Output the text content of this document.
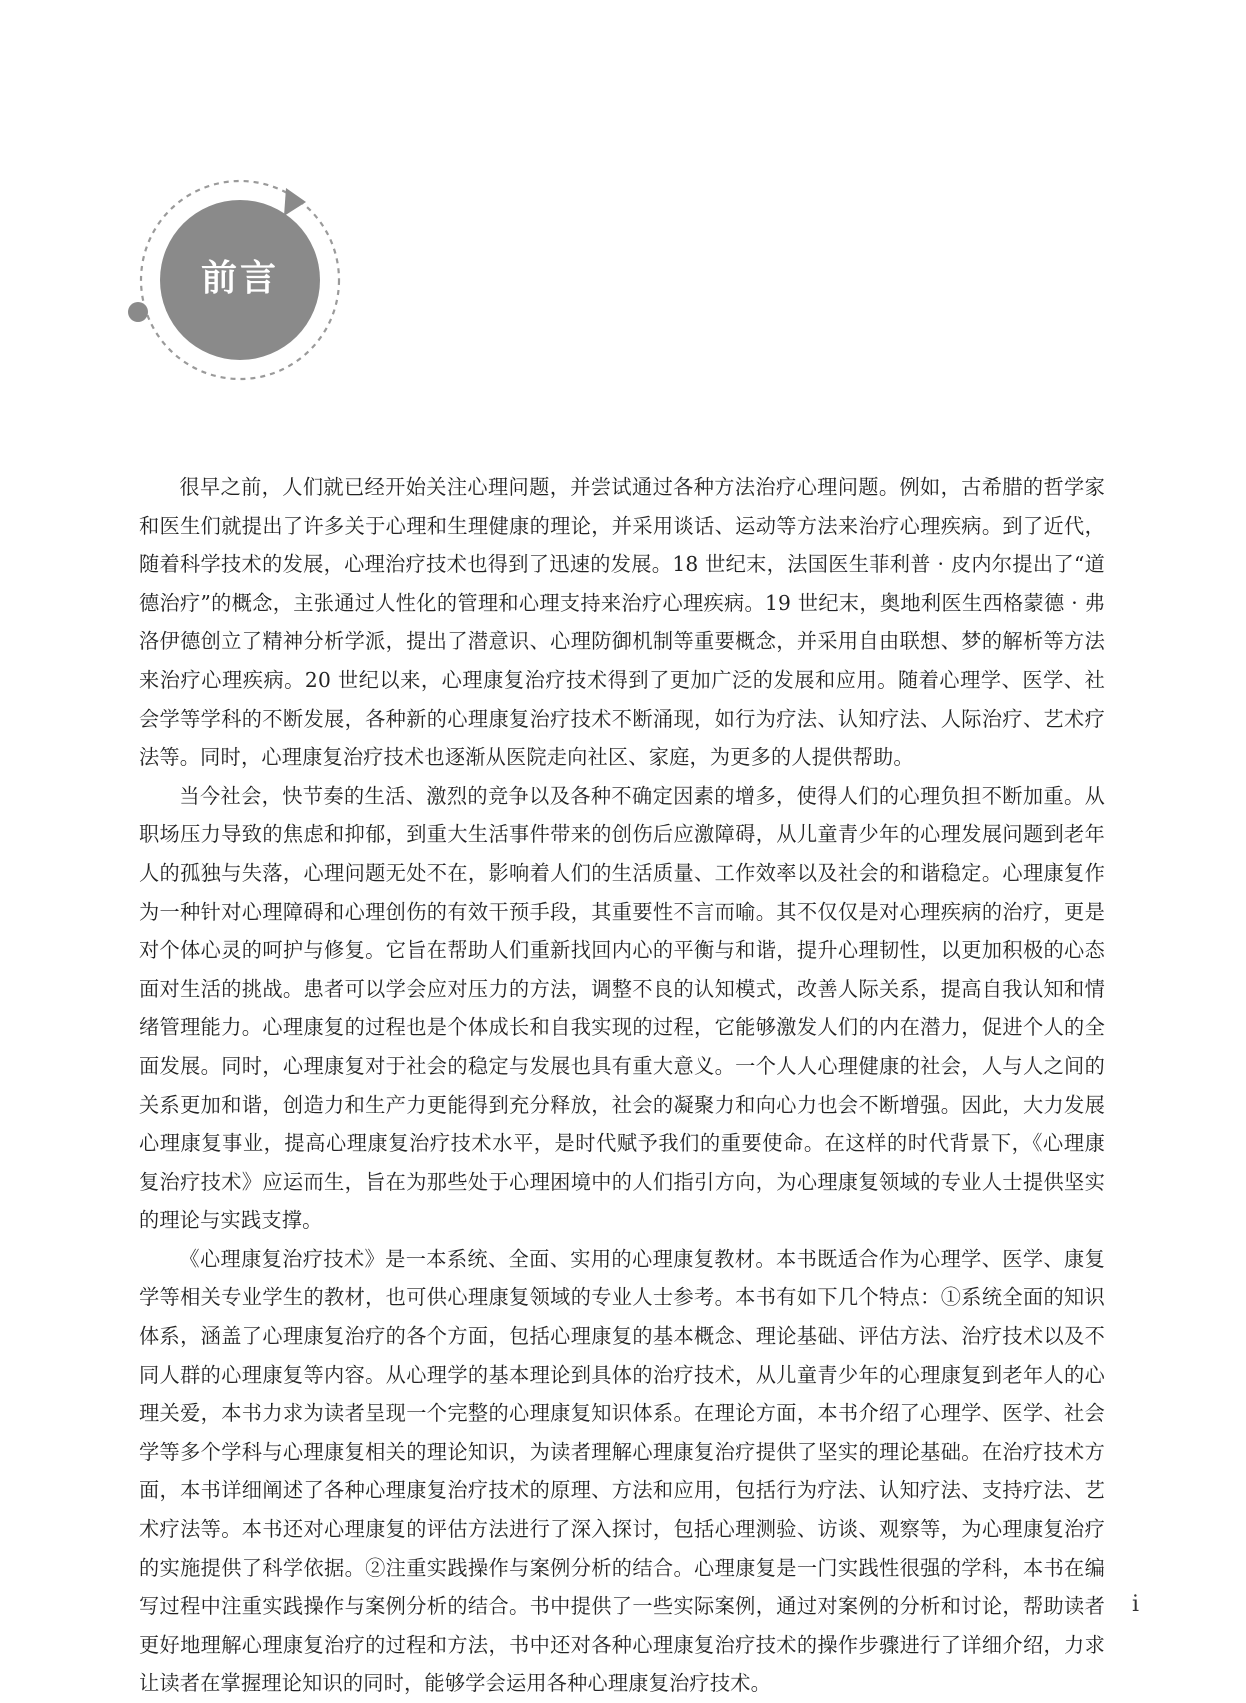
前言

很早之前，人们就已经开始关注心理问题，并尝试通过各种方法治疗心理问题。例如，古希腊的哲学家和医生们就提出了许多关于心理和生理健康的理论，并采用谈话、运动等方法来治疗心理疾病。到了近代，随着科学技术的发展，心理治疗技术也得到了迅速的发展。18 世纪末，法国医生菲利普 · 皮内尔提出了“道德治疗”的概念，主张通过人性化的管理和心理支持来治疗心理疾病。19 世纪末，奥地利医生西格蒙德 · 弗洛伊德创立了精神分析学派，提出了潜意识、心理防御机制等重要概念，并采用自由联想、梦的解析等方法来治疗心理疾病。20 世纪以来，心理康复治疗技术得到了更加广泛的发展和应用。随着心理学、医学、社会学等学科的不断发展，各种新的心理康复治疗技术不断涌现，如行为疗法、认知疗法、人际治疗、艺术疗法等。同时，心理康复治疗技术也逐渐从医院走向社区、家庭，为更多的人提供帮助。

当今社会，快节奏的生活、激烈的竞争以及各种不确定因素的增多，使得人们的心理负担不断加重。从职场压力导致的焦虑和抑郁，到重大生活事件带来的创伤后应激障碍，从儿童青少年的心理发展问题到老年人的孤独与失落，心理问题无处不在，影响着人们的生活质量、工作效率以及社会的和谐稳定。心理康复作为一种针对心理障碍和心理创伤的有效干预手段，其重要性不言而喻。其不仅仅是对心理疾病的治疗，更是对个体心灵的呵护与修复。它旨在帮助人们重新找回内心的平衡与和谐，提升心理韧性，以更加积极的心态面对生活的挑战。患者可以学会应对压力的方法，调整不良的认知模式，改善人际关系，提高自我认知和情绪管理能力。心理康复的过程也是个体成长和自我实现的过程，它能够激发人们的内在潜力，促进个人的全面发展。同时，心理康复对于社会的稳定与发展也具有重大意义。一个人人心理健康的社会，人与人之间的关系更加和谐，创造力和生产力更能得到充分释放，社会的凝聚力和向心力也会不断增强。因此，大力发展心理康复事业，提高心理康复治疗技术水平，是时代赋予我们的重要使命。在这样的时代背景下，《心理康复治疗技术》应运而生，旨在为那些处于心理困境中的人们指引方向，为心理康复领域的专业人士提供坚实的理论与实践支撑。

《心理康复治疗技术》是一本系统、全面、实用的心理康复教材。本书既适合作为心理学、医学、康复学等相关专业学生的教材，也可供心理康复领域的专业人士参考。本书有如下几个特点：①系统全面的知识体系，涵盖了心理康复治疗的各个方面，包括心理康复的基本概念、理论基础、评估方法、治疗技术以及不同人群的心理康复等内容。从心理学的基本理论到具体的治疗技术，从儿童青少年的心理康复到老年人的心理关爱，本书力求为读者呈现一个完整的心理康复知识体系。在理论方面，本书介绍了心理学、医学、社会学等多个学科与心理康复相关的理论知识，为读者理解心理康复治疗提供了坚实的理论基础。在治疗技术方面，本书详细阐述了各种心理康复治疗技术的原理、方法和应用，包括行为疗法、认知疗法、支持疗法、艺术疗法等。本书还对心理康复的评估方法进行了深入探讨，包括心理测验、访谈、观察等，为心理康复治疗的实施提供了科学依据。②注重实践操作与案例分析的结合。心理康复是一门实践性很强的学科，本书在编写过程中注重实践操作与案例分析的结合。书中提供了一些实际案例，通过对案例的分析和讨论，帮助读者更好地理解心理康复治疗的过程和方法，书中还对各种心理康复治疗技术的操作步骤进行了详细介绍，力求让读者在掌握理论知识的同时，能够学会运用各种心理康复治疗技术。

i
